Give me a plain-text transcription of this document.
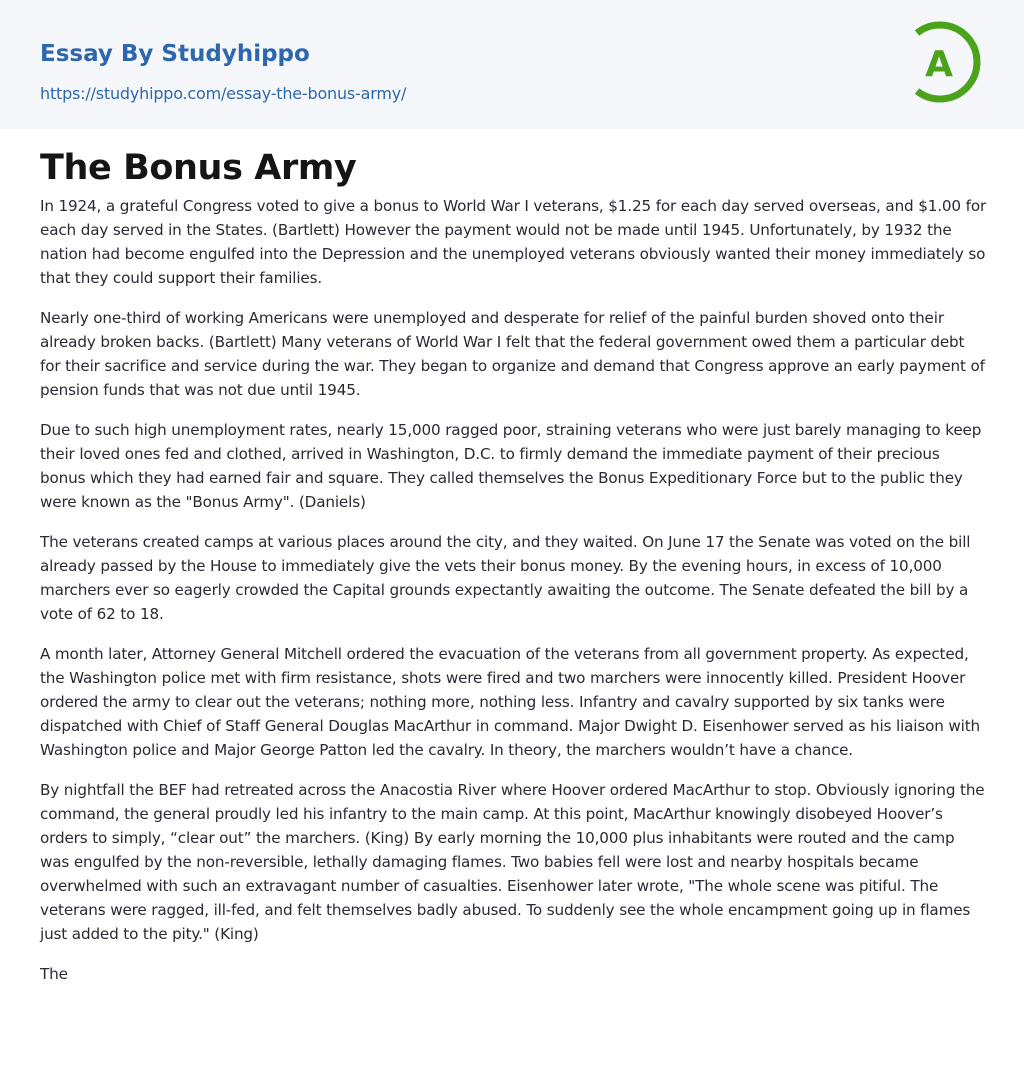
Essay By Studyhippo
https://studyhippo.com/essay-the-bonus-army/
A
The Bonus Army

In 1924, a grateful Congress voted to give a bonus to World War I veterans, $1.25 for each day served overseas, and $1.00 for each day served in the States. (Bartlett) However the payment would not be made until 1945. Unfortunately, by 1932 the nation had become engulfed into the Depression and the unemployed veterans obviously wanted their money immediately so that they could support their families.

Nearly one-third of working Americans were unemployed and desperate for relief of the painful burden shoved onto their already broken backs. (Bartlett) Many veterans of World War I felt that the federal government owed them a particular debt for their sacrifice and service during the war. They began to organize and demand that Congress approve an early payment of pension funds that was not due until 1945.

Due to such high unemployment rates, nearly 15,000 ragged poor, straining veterans who were just barely managing to keep their loved ones fed and clothed, arrived in Washington, D.C. to firmly demand the immediate payment of their precious bonus which they had earned fair and square. They called themselves the Bonus Expeditionary Force but to the public they were known as the "Bonus Army". (Daniels)

The veterans created camps at various places around the city, and they waited. On June 17 the Senate was voted on the bill already passed by the House to immediately give the vets their bonus money. By the evening hours, in excess of 10,000 marchers ever so eagerly crowded the Capital grounds expectantly awaiting the outcome. The Senate defeated the bill by a vote of 62 to 18.

A month later, Attorney General Mitchell ordered the evacuation of the veterans from all government property. As expected, the Washington police met with firm resistance, shots were fired and two marchers were innocently killed. President Hoover ordered the army to clear out the veterans; nothing more, nothing less. Infantry and cavalry supported by six tanks were dispatched with Chief of Staff General Douglas MacArthur in command. Major Dwight D. Eisenhower served as his liaison with Washington police and Major George Patton led the cavalry. In theory, the marchers wouldn’t have a chance.

By nightfall the BEF had retreated across the Anacostia River where Hoover ordered MacArthur to stop. Obviously ignoring the command, the general proudly led his infantry to the main camp. At this point, MacArthur knowingly disobeyed Hoover’s orders to simply, “clear out” the marchers. (King) By early morning the 10,000 plus inhabitants were routed and the camp was engulfed by the non-reversible, lethally damaging flames. Two babies fell were lost and nearby hospitals became overwhelmed with such an extravagant number of casualties. Eisenhower later wrote, "The whole scene was pitiful. The veterans were ragged, ill-fed, and felt themselves badly abused. To suddenly see the whole encampment going up in flames just added to the pity." (King)

The
